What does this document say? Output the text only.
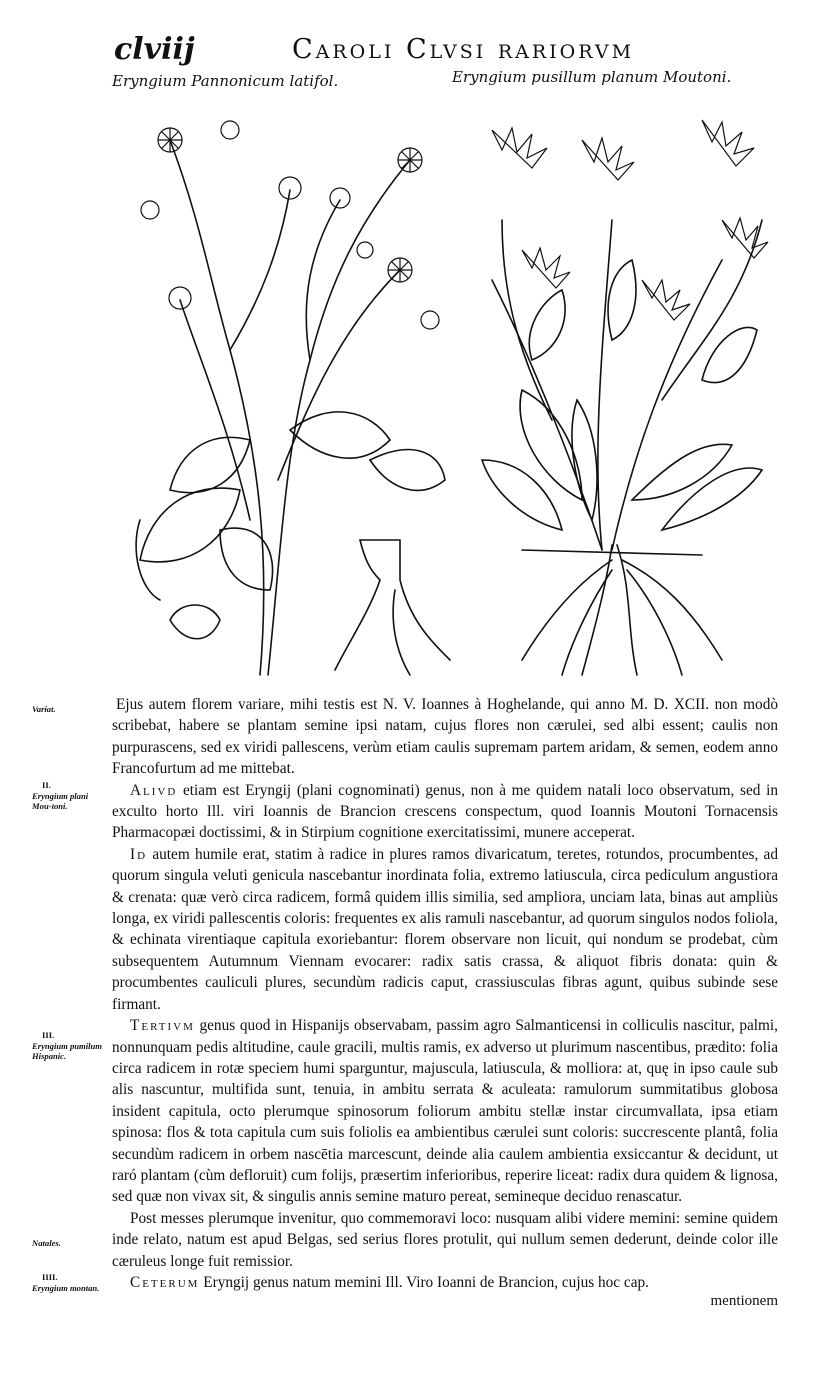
clviij	Caroli Clvsi rariorvm
Eryngium Pannonicum latifol.	Eryngium pusillum planum Moutoni.
Variat.
II.
Eryngium plani Mou-toni.
III.
Eryngium pumilum Hispanic.
Natales.
IIII.
Eryngium montan.

Ejus autem florem variare, mihi testis est N. V. Ioannes à Hoghelande, qui anno M. D. XCII. non modò scribebat, habere se plantam semine ipsi natam, cujus flores non cærulei, sed albi essent; caulis non purpurascens, sed ex viridi pallescens, verùm etiam caulis supremam partem aridam, & semen, eodem anno Francofurtum ad me mittebat.

Alivd etiam est Eryngij (plani cognominati) genus, non à me quidem natali loco observatum, sed in exculto horto Ill. viri Ioannis de Brancion crescens conspectum, quod Ioannis Moutoni Tornacensis Pharmacopæi doctissimi, & in Stirpium cognitione exercitatissimi, munere acceperat.

Id autem humile erat, statim à radice in plures ramos divaricatum, teretes, rotundos, procumbentes, ad quorum singula veluti genicula nascebantur inordinata folia, extremo latiuscula, circa pediculum angustiora & crenata: quæ verò circa radicem, formâ quidem illis similia, sed ampliora, unciam lata, binas aut ampliùs longa, ex viridi pallescentis coloris: frequentes ex alis ramuli nascebantur, ad quorum singulos nodos foliola, & echinata virentiaque capitula exoriebantur: florem observare non licuit, qui nondum se prodebat, cùm subsequentem Autumnum Viennam evocarer: radix satis crassa, & aliquot fibris donata: quin & procumbentes cauliculi plures, secundùm radicis caput, crassiusculas fibras agunt, quibus subinde sese firmant.

Tertivm genus quod in Hispanijs observabam, passim agro Salmanticensi in colliculis nascitur, palmi, nonnunquam pedis altitudine, caule gracili, multis ramis, ex adverso ut plurimum nascentibus, prædito: folia circa radicem in rotæ speciem humi sparguntur, majuscula, latiuscula, & molliora: at, quę in ipso caule sub alis nascuntur, multifida sunt, tenuia, in ambitu serrata & aculeata: ramulorum summitatibus globosa insident capitula, octo plerumque spinosorum foliorum ambitu stellæ instar circumvallata, ipsa etiam spinosa: flos & tota capitula cum suis foliolis ea ambientibus cærulei sunt coloris: succrescente plantâ, folia secundùm radicem in orbem nascētia marcescunt, deinde alia caulem ambientia exsiccantur & decidunt, ut raró plantam (cùm defloruit) cum folijs, præsertim inferioribus, reperire liceat: radix dura quidem & lignosa, sed quæ non vivax sit, & singulis annis semine maturo pereat, semineque deciduo renascatur.

Post messes plerumque invenitur, quo commemoravi loco: nusquam alibi videre memini: semine quidem inde relato, natum est apud Belgas, sed serius flores protulit, qui nullum semen dederunt, deinde color ille cæruleus longe fuit remissior.

Ceterum Eryngij genus natum memini Ill. Viro Ioanni de Brancion, cujus hoc cap.

mentionem
